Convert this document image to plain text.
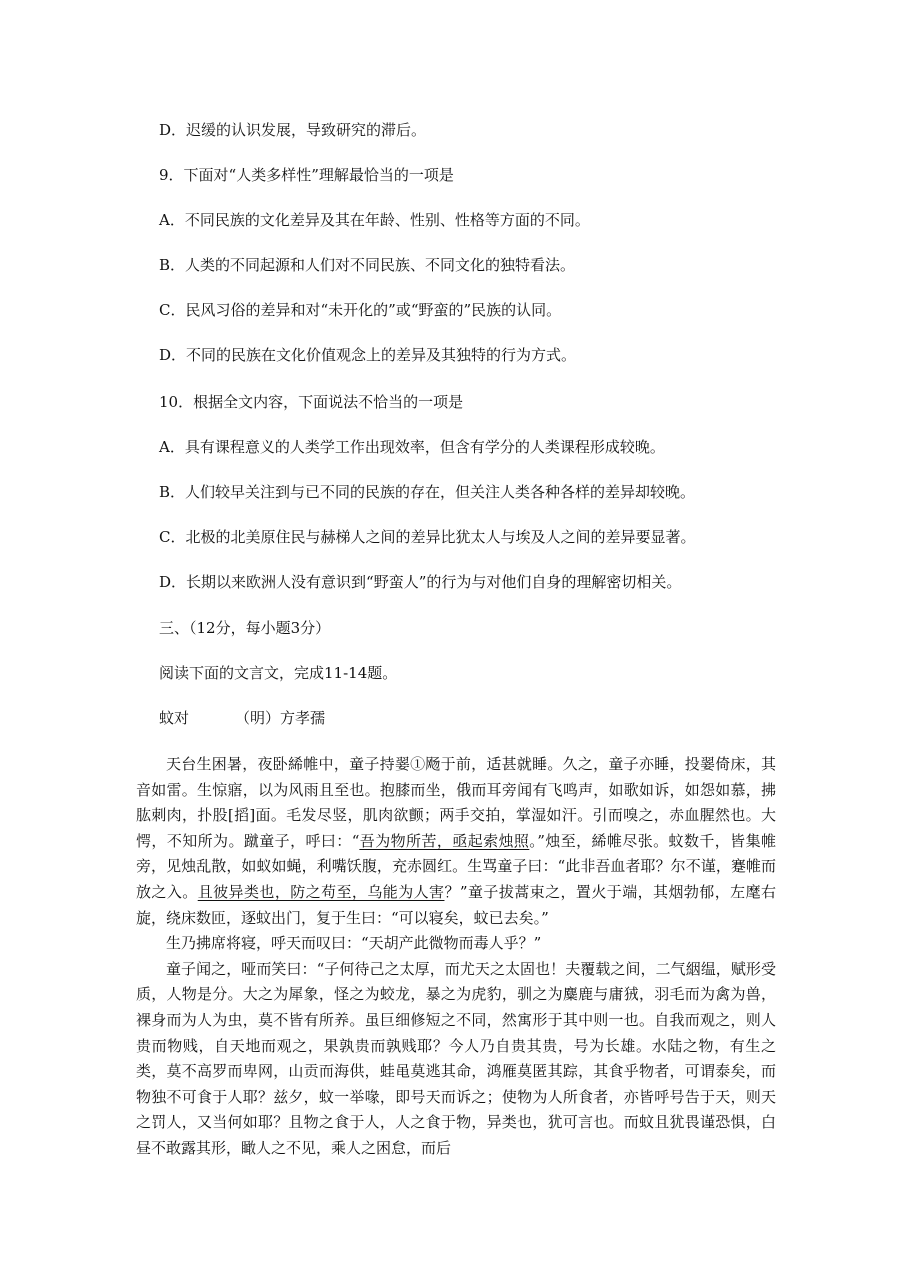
D．迟缓的认识发展，导致研究的滞后。
9．下面对“人类多样性”理解最恰当的一项是
A．不同民族的文化差异及其在年龄、性别、性格等方面的不同。
B．人类的不同起源和人们对不同民族、不同文化的独特看法。
C．民风习俗的差异和对“未开化的”或“野蛮的”民族的认同。
D．不同的民族在文化价值观念上的差异及其独特的行为方式。
10．根据全文内容，下面说法不恰当的一项是
A．具有课程意义的人类学工作出现效率，但含有学分的人类课程形成较晚。
B．人们较早关注到与已不同的民族的存在，但关注人类各种各样的差异却较晚。
C．北极的北美原住民与赫梯人之间的差异比犹太人与埃及人之间的差异要显著。
D．长期以来欧洲人没有意识到“野蛮人”的行为与对他们自身的理解密切相关。
三、（12分，每小题3分）
阅读下面的文言文，完成11-14题。
蚊对	（明）方孝孺

天台生困暑，夜卧絺帷中，童子持翣①飏于前，适甚就睡。久之，童子亦睡，投翣倚床，其音如雷。生惊寤，以为风雨且至也。抱膝而坐，俄而耳旁闻有飞鸣声，如歌如诉，如怨如慕，拂肱刺肉，扑股[搯]面。毛发尽竖，肌肉欲颤；两手交拍，掌湿如汗。引而嗅之，赤血腥然也。大愕，不知所为。蹴童子，呼曰：“吾为物所苦，亟起索烛照。”烛至，絺帷尽张。蚊数千，皆集帷旁，见烛乱散，如蚁如蝇，利嘴饫腹，充赤圆红。生骂童子曰：“此非吾血者耶？尔不谨，蹇帷而放之入。且彼异类也，防之苟至，乌能为人害？”童子拔蒿束之，置火于端，其烟勃郁，左麾右旋，绕床数匝，逐蚊出门，复于生曰：“可以寝矣，蚊已去矣。”

生乃拂席将寝，呼天而叹曰：“天胡产此微物而毒人乎？”

童子闻之，哑而笑曰：“子何待己之太厚，而尤天之太固也！夫覆载之间，二气絪缊，赋形受质，人物是分。大之为犀象，怪之为蛟龙，暴之为虎豹，驯之为麋鹿与庸狨，羽毛而为禽为兽，裸身而为人为虫，莫不皆有所养。虽巨细修短之不同，然寓形于其中则一也。自我而观之，则人贵而物贱，自天地而观之，果孰贵而孰贱耶？今人乃自贵其贵，号为长雄。水陆之物，有生之类，莫不高罗而卑网，山贡而海供，蛙黾莫逃其命，鸿雁莫匿其踪，其食乎物者，可谓泰矣，而物独不可食于人耶？兹夕，蚊一举喙，即号天而诉之；使物为人所食者，亦皆呼号告于天，则天之罚人，又当何如耶？且物之食于人，人之食于物，异类也，犹可言也。而蚊且犹畏谨恐惧，白昼不敢露其形，瞰人之不见，乘人之困怠，而后
